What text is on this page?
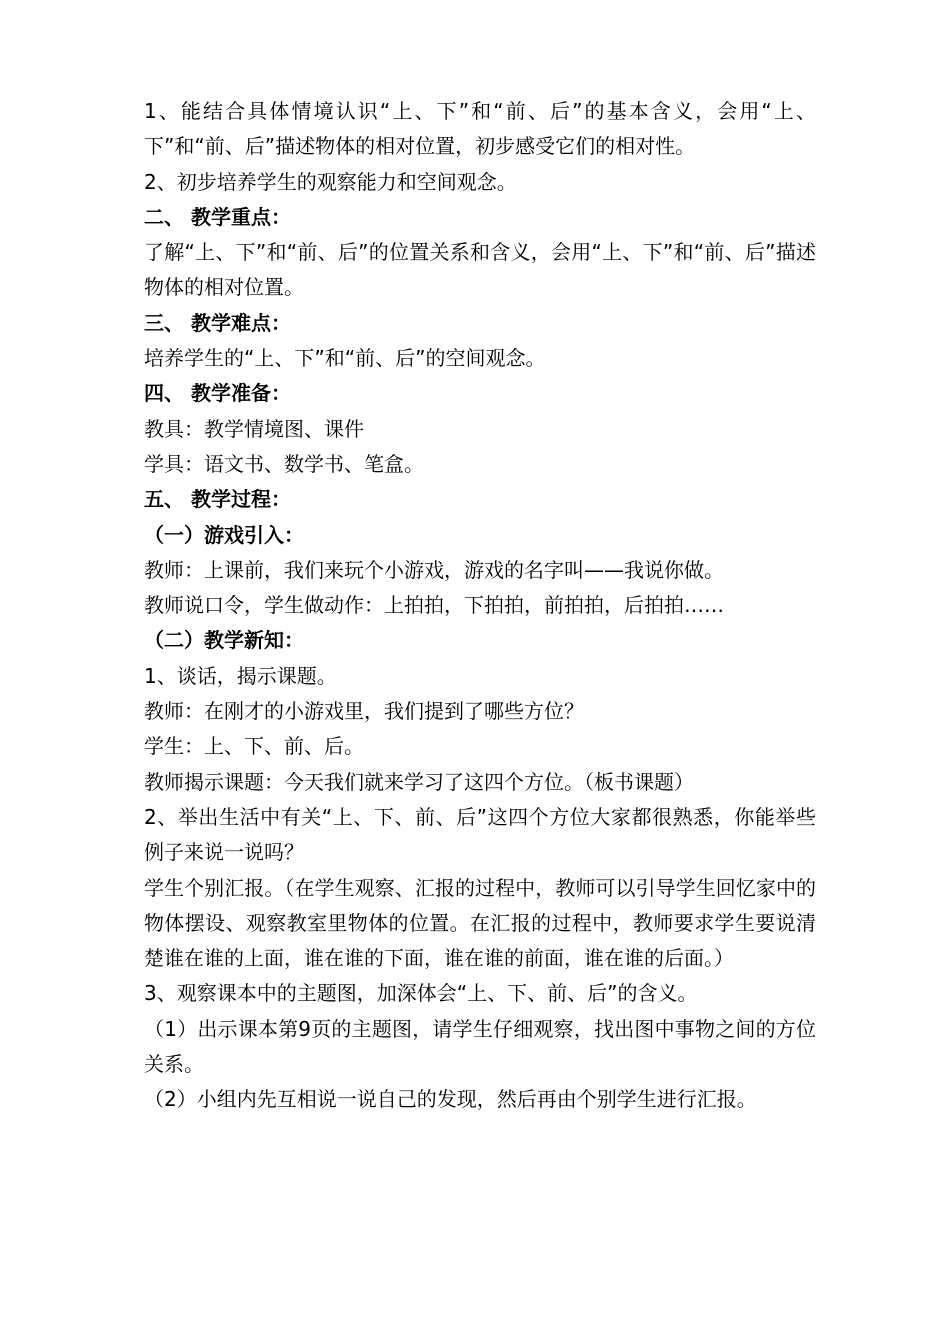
1、能结合具体情境认识“上、下”和“前、后”的基本含义，会用“上、下”和“前、后”描述物体的相对位置，初步感受它们的相对性。
2、初步培养学生的观察能力和空间观念。
二、 教学重点：
了解“上、下”和“前、后”的位置关系和含义，会用“上、下”和“前、后”描述物体的相对位置。
三、 教学难点：
培养学生的“上、下”和“前、后”的空间观念。
四、 教学准备：
教具：教学情境图、课件
学具：语文书、数学书、笔盒。
五、 教学过程：
（一）游戏引入：
教师：上课前，我们来玩个小游戏，游戏的名字叫——我说你做。
教师说口令，学生做动作：上拍拍，下拍拍，前拍拍，后拍拍……
（二）教学新知：
1、谈话，揭示课题。
教师：在刚才的小游戏里，我们提到了哪些方位？
学生：上、下、前、后。
教师揭示课题：今天我们就来学习了这四个方位。（板书课题）
2、举出生活中有关“上、下、前、后”这四个方位大家都很熟悉，你能举些例子来说一说吗？
学生个别汇报。（在学生观察、汇报的过程中，教师可以引导学生回忆家中的物体摆设、观察教室里物体的位置。在汇报的过程中，教师要求学生要说清楚谁在谁的上面，谁在谁的下面，谁在谁的前面，谁在谁的后面。）
3、观察课本中的主题图，加深体会“上、下、前、后”的含义。
（1）出示课本第9页的主题图，请学生仔细观察，找出图中事物之间的方位关系。
（2）小组内先互相说一说自己的发现，然后再由个别学生进行汇报。
